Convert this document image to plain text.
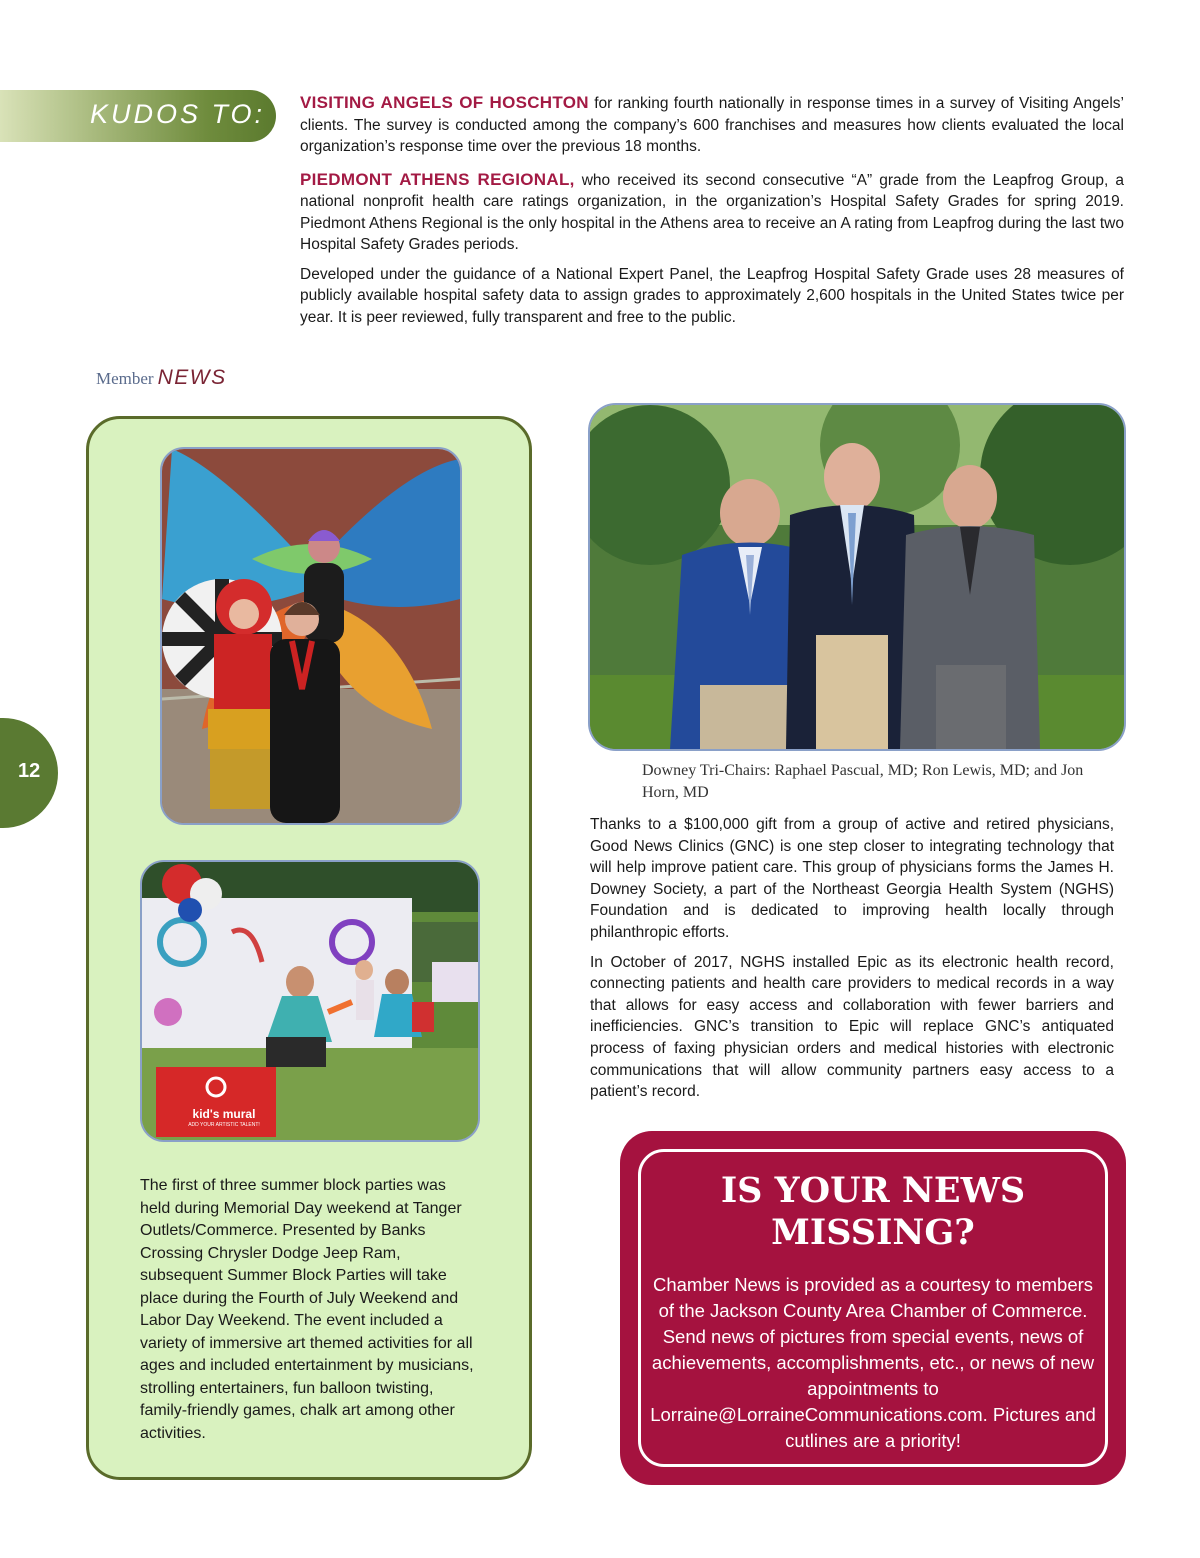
KUDOS TO: VISITING ANGELS OF HOSCHTON for ranking fourth nationally in response times in a survey of Visiting Angels’ clients. The survey is conducted among the company’s 600 franchises and measures how clients evaluated the local organization’s response time over the previous 18 months.

PIEDMONT ATHENS REGIONAL, who received its second consecutive “A” grade from the Leapfrog Group, a national nonprofit health care ratings organization, in the organization’s Hospital Safety Grades for spring 2019. Piedmont Athens Regional is the only hospital in the Athens area to receive an A rating from Leapfrog during the last two Hospital Safety Grades periods.

Developed under the guidance of a National Expert Panel, the Leapfrog Hospital Safety Grade uses 28 measures of publicly available hospital safety data to assign grades to approximately 2,600 hospitals in the United States twice per year. It is peer reviewed, fully transparent and free to the public.

Member NEWS
kid's mural
ADD YOUR ARTISTIC TALENT!
The first of three summer block parties was held during Memorial Day weekend at Tanger Outlets/Commerce. Presented by Banks Crossing Chrysler Dodge Jeep Ram, subsequent Summer Block Parties will take place during the Fourth of July Weekend and Labor Day Weekend. The event included a variety of immersive art themed activities for all ages and included entertainment by musicians, strolling entertainers, fun balloon twisting, family-friendly games, chalk art among other activities.
12	Downey Tri-Chairs: Raphael Pascual, MD; Ron Lewis, MD; and Jon Horn, MD

Thanks to a $100,000 gift from a group of active and retired physicians, Good News Clinics (GNC) is one step closer to integrating technology that will help improve patient care. This group of physicians forms the James H. Downey Society, a part of the Northeast Georgia Health System (NGHS) Foundation and is dedicated to improving health locally through philanthropic efforts.

In October of 2017, NGHS installed Epic as its electronic health record, connecting patients and health care providers to medical records in a way that allows for easy access and collaboration with fewer barriers and inefficiencies. GNC’s transition to Epic will replace GNC’s antiquated process of faxing physician orders and medical histories with electronic communications that will allow community partners easy access to a patient’s record.

IS YOUR NEWS MISSING?
Chamber News is provided as a courtesy to members of the Jackson County Area Chamber of Commerce. Send news of pictures from special events, news of achievements, accomplishments, etc., or news of new appointments to Lorraine@LorraineCommunications.com. Pictures and cutlines are a priority!
